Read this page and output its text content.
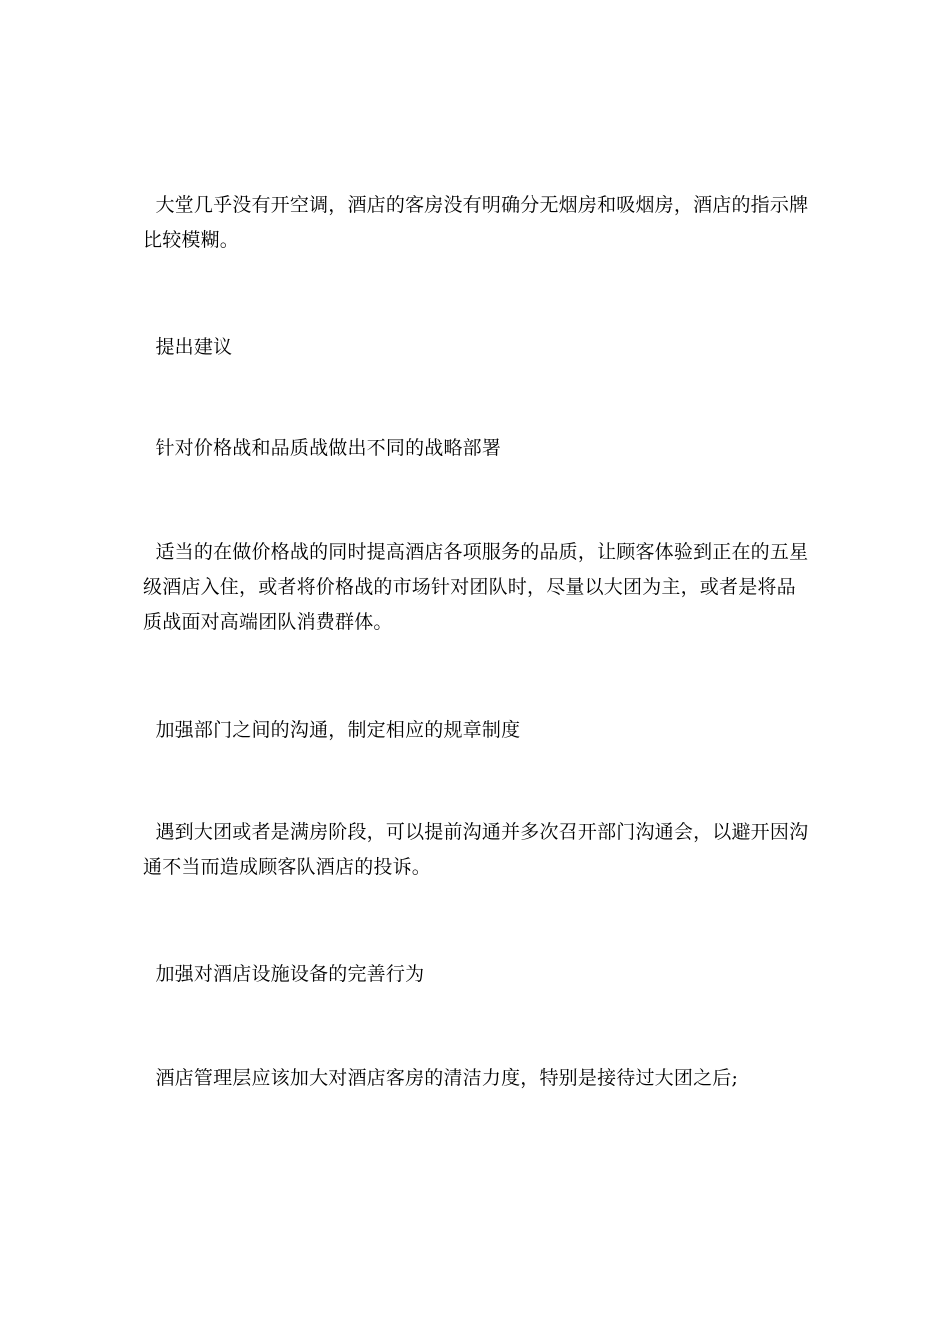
大堂几乎没有开空调，酒店的客房没有明确分无烟房和吸烟房，酒店的指示牌比较模糊。

提出建议

针对价格战和品质战做出不同的战略部署

适当的在做价格战的同时提高酒店各项服务的品质，让顾客体验到正在的五星级酒店入住，或者将价格战的市场针对团队时，尽量以大团为主，或者是将品质战面对高端团队消费群体。

加强部门之间的沟通，制定相应的规章制度

遇到大团或者是满房阶段，可以提前沟通并多次召开部门沟通会，以避开因沟通不当而造成顾客队酒店的投诉。

加强对酒店设施设备的完善行为

酒店管理层应该加大对酒店客房的清洁力度，特别是接待过大团之后;
